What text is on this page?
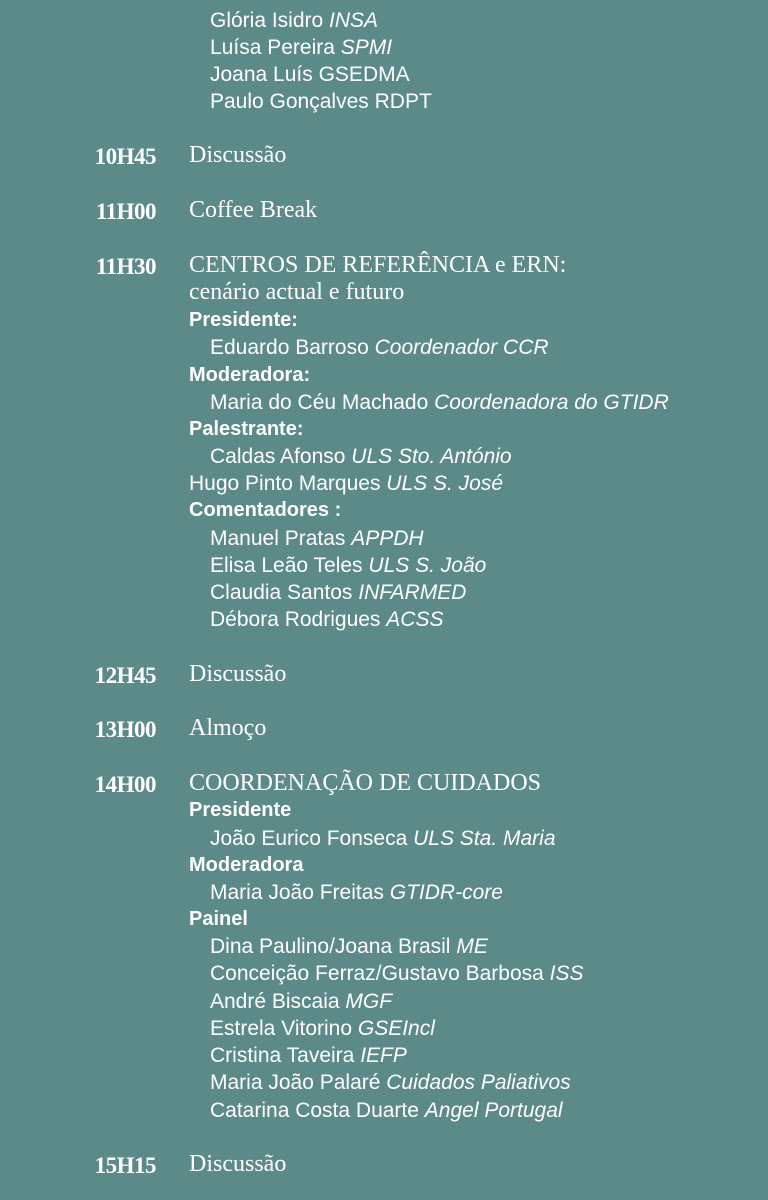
Glória Isidro INSA
Luísa Pereira SPMI
Joana Luís GSEDMA
Paulo Gonçalves RDPT
10H45 Discussão
11H00 Coffee Break
11H30 CENTROS DE REFERÊNCIA e ERN:
cenário actual e futuro
Presidente:
Eduardo Barroso Coordenador CCR
Moderadora:
Maria do Céu Machado Coordenadora do GTIDR
Palestrante:
Caldas Afonso ULS Sto. António
Hugo Pinto Marques ULS S. José
Comentadores :
Manuel Pratas APPDH
Elisa Leão Teles ULS S. João
Claudia Santos INFARMED
Débora Rodrigues ACSS
12H45 Discussão
13H00 Almoço
14H00 COORDENAÇÃO DE CUIDADOS
Presidente
João Eurico Fonseca ULS Sta. Maria
Moderadora
Maria João Freitas GTIDR-core
Painel
Dina Paulino/Joana Brasil ME
Conceição Ferraz/Gustavo Barbosa ISS
André Biscaia MGF
Estrela Vitorino GSEIncl
Cristina Taveira IEFP
Maria João Palaré Cuidados Paliativos
Catarina Costa Duarte Angel Portugal
15H15 Discussão
